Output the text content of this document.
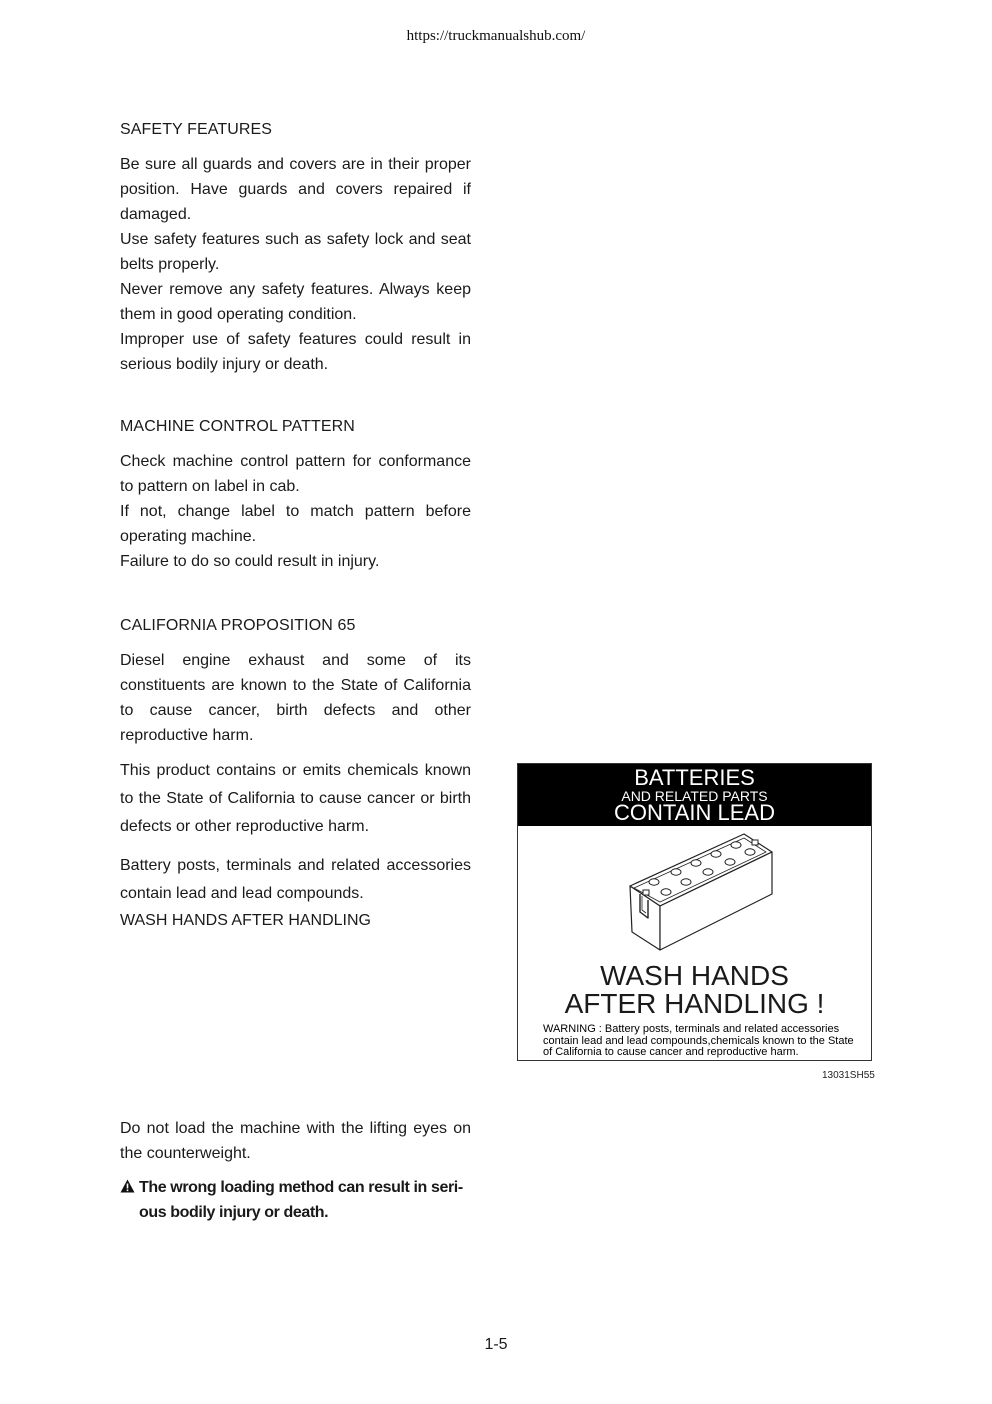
https://truckmanualshub.com/

SAFETY FEATURES

Be sure all guards and covers are in their proper position. Have guards and covers repaired if damaged.

Use safety features such as safety lock and seat belts properly.

Never remove any safety features. Always keep them in good operating condition.

Improper use of safety features could result in serious bodily injury or death.

MACHINE CONTROL PATTERN

Check machine control pattern for conformance to pattern on label in cab.

If not, change label to match pattern before operating machine.

Failure to do so could result in injury.

CALIFORNIA PROPOSITION 65

Diesel engine exhaust and some of its constituents are known to the State of California to cause cancer, birth defects and other reproductive harm.

This product contains or emits chemicals known to the State of California to cause cancer or birth defects or other reproductive harm.

Battery posts, terminals and related accessories contain lead and lead compounds.

WASH HANDS AFTER HANDLING

BATTERIES
AND RELATED PARTS
CONTAIN LEAD
WASH HANDS
AFTER HANDLING !
WARNING : Battery posts, terminals and related accessories contain lead and lead compounds,chemicals known to the State of California to cause cancer and reproductive harm.
13031SH55

Do not load the machine with the lifting eyes on the counterweight.

The wrong loading method can result in seri-
ous bodily injury or death.
1-5
